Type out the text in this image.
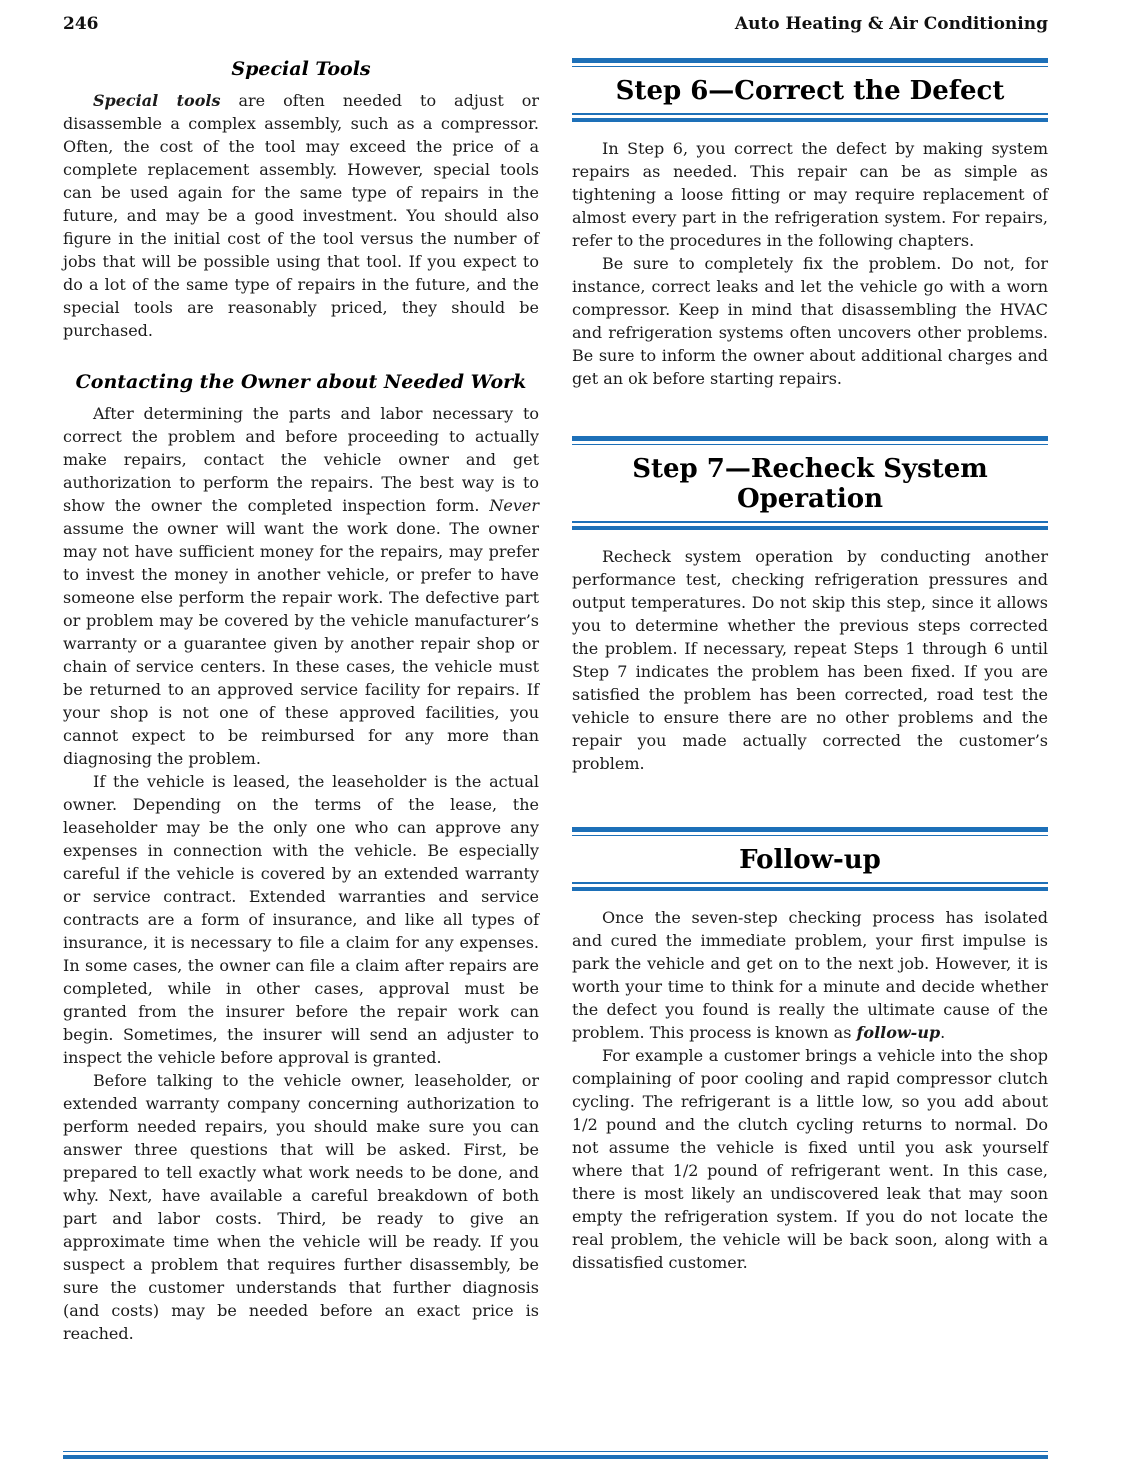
246	Auto Heating & Air Conditioning
Special Tools

Special tools are often needed to adjust or disassemble a complex assembly, such as a compressor. Often, the cost of the tool may exceed the price of a complete replacement assembly. However, special tools can be used again for the same type of repairs in the future, and may be a good investment. You should also figure in the initial cost of the tool versus the number of jobs that will be possible using that tool. If you expect to do a lot of the same type of repairs in the future, and the special tools are reasonably priced, they should be purchased.

Contacting the Owner about Needed Work

After determining the parts and labor necessary to correct the problem and before proceeding to actually make repairs, contact the vehicle owner and get authorization to perform the repairs. The best way is to show the owner the completed inspection form. Never assume the owner will want the work done. The owner may not have sufficient money for the repairs, may prefer to invest the money in another vehicle, or prefer to have someone else perform the repair work. The defective part or problem may be covered by the vehicle manufacturer’s warranty or a guarantee given by another repair shop or chain of service centers. In these cases, the vehicle must be returned to an approved service facility for repairs. If your shop is not one of these approved facilities, you cannot expect to be reimbursed for any more than diagnosing the problem.

If the vehicle is leased, the leaseholder is the actual owner. Depending on the terms of the lease, the leaseholder may be the only one who can approve any expenses in connection with the vehicle. Be especially careful if the vehicle is covered by an extended warranty or service contract. Extended warranties and service contracts are a form of insurance, and like all types of insurance, it is necessary to file a claim for any expenses. In some cases, the owner can file a claim after repairs are completed, while in other cases, approval must be granted from the insurer before the repair work can begin. Sometimes, the insurer will send an adjuster to inspect the vehicle before approval is granted.

Before talking to the vehicle owner, leaseholder, or extended warranty company concerning authorization to perform needed repairs, you should make sure you can answer three questions that will be asked. First, be prepared to tell exactly what work needs to be done, and why. Next, have available a careful breakdown of both part and labor costs. Third, be ready to give an approximate time when the vehicle will be ready. If you suspect a problem that requires further disassembly, be sure the customer understands that further diagnosis (and costs) may be needed before an exact price is reached.

Step 6—Correct the Defect

In Step 6, you correct the defect by making system repairs as needed. This repair can be as simple as tightening a loose fitting or may require replacement of almost every part in the refrigeration system. For repairs, refer to the procedures in the following chapters.

Be sure to completely fix the problem. Do not, for instance, correct leaks and let the vehicle go with a worn compressor. Keep in mind that disassembling the HVAC and refrigeration systems often uncovers other problems. Be sure to inform the owner about additional charges and get an ok before starting repairs.

Step 7—Recheck System Operation

Recheck system operation by conducting another performance test, checking refrigeration pressures and output temperatures. Do not skip this step, since it allows you to determine whether the previous steps corrected the problem. If necessary, repeat Steps 1 through 6 until Step 7 indicates the problem has been fixed. If you are satisfied the problem has been corrected, road test the vehicle to ensure there are no other problems and the repair you made actually corrected the customer’s problem.

Follow-up

Once the seven-step checking process has isolated and cured the immediate problem, your first impulse is park the vehicle and get on to the next job. However, it is worth your time to think for a minute and decide whether the defect you found is really the ultimate cause of the problem. This process is known as follow-up.

For example a customer brings a vehicle into the shop complaining of poor cooling and rapid compressor clutch cycling. The refrigerant is a little low, so you add about 1/2 pound and the clutch cycling returns to normal. Do not assume the vehicle is fixed until you ask yourself where that 1/2 pound of refrigerant went. In this case, there is most likely an undiscovered leak that may soon empty the refrigeration system. If you do not locate the real problem, the vehicle will be back soon, along with a dissatisfied customer.
